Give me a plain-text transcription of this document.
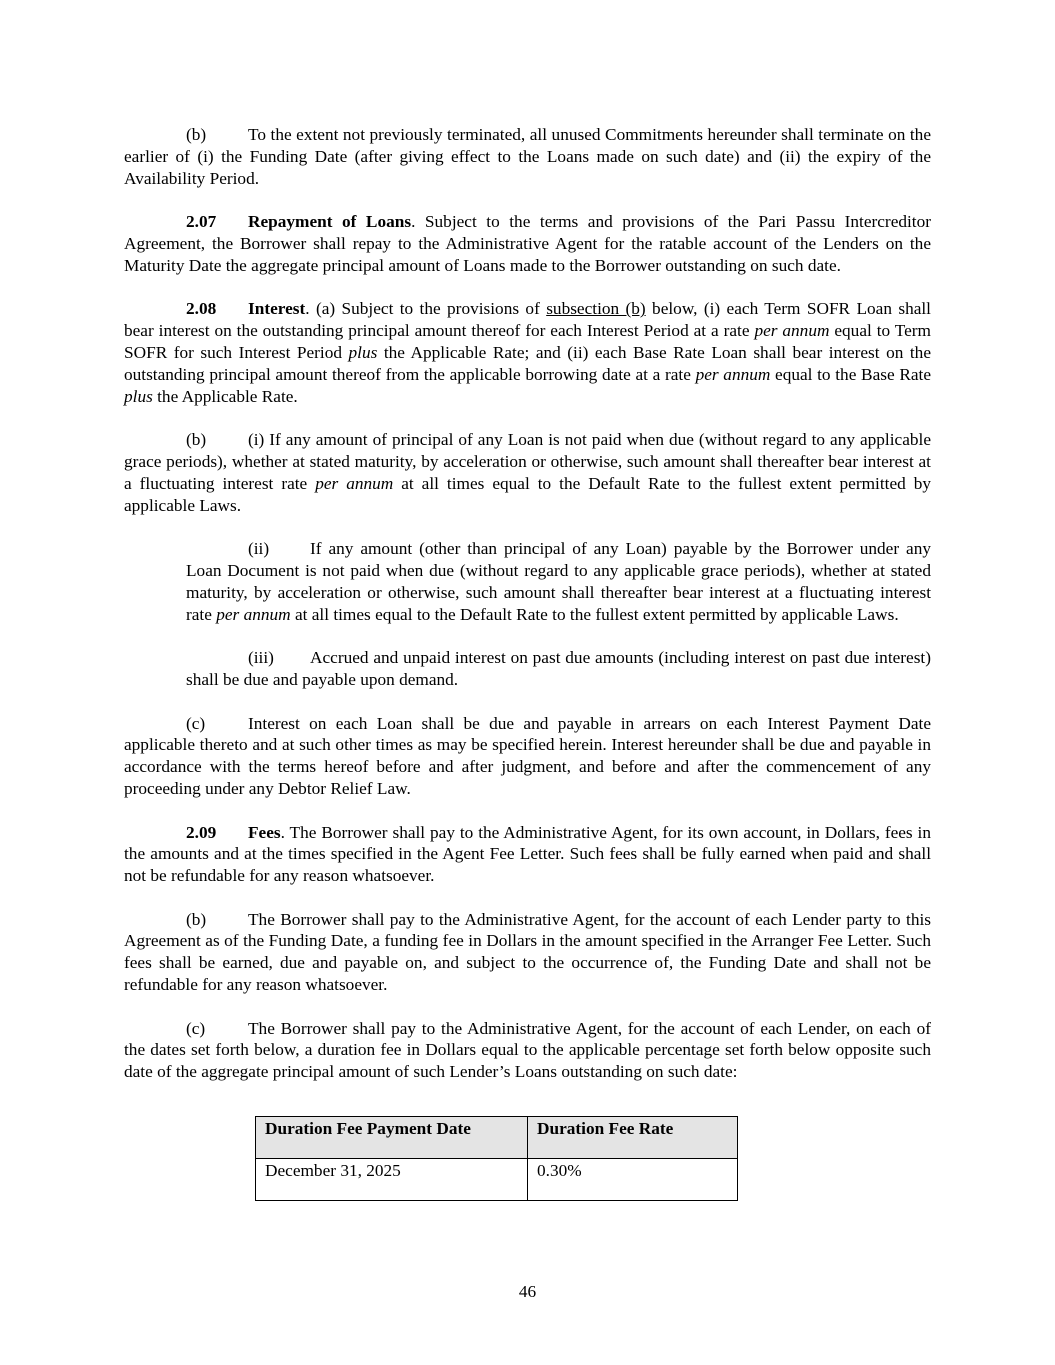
(b) To the extent not previously terminated, all unused Commitments hereunder shall terminate on the earlier of (i) the Funding Date (after giving effect to the Loans made on such date) and (ii) the expiry of the Availability Period.

2.07 Repayment of Loans. Subject to the terms and provisions of the Pari Passu Intercreditor Agreement, the Borrower shall repay to the Administrative Agent for the ratable account of the Lenders on the Maturity Date the aggregate principal amount of Loans made to the Borrower outstanding on such date.

2.08 Interest. (a) Subject to the provisions of subsection (b) below, (i) each Term SOFR Loan shall bear interest on the outstanding principal amount thereof for each Interest Period at a rate per annum equal to Term SOFR for such Interest Period plus the Applicable Rate; and (ii) each Base Rate Loan shall bear interest on the outstanding principal amount thereof from the applicable borrowing date at a rate per annum equal to the Base Rate plus the Applicable Rate.

(b) (i) If any amount of principal of any Loan is not paid when due (without regard to any applicable grace periods), whether at stated maturity, by acceleration or otherwise, such amount shall thereafter bear interest at a fluctuating interest rate per annum at all times equal to the Default Rate to the fullest extent permitted by applicable Laws.

(ii) If any amount (other than principal of any Loan) payable by the Borrower under any Loan Document is not paid when due (without regard to any applicable grace periods), whether at stated maturity, by acceleration or otherwise, such amount shall thereafter bear interest at a fluctuating interest rate per annum at all times equal to the Default Rate to the fullest extent permitted by applicable Laws.

(iii) Accrued and unpaid interest on past due amounts (including interest on past due interest) shall be due and payable upon demand.

(c) Interest on each Loan shall be due and payable in arrears on each Interest Payment Date applicable thereto and at such other times as may be specified herein. Interest hereunder shall be due and payable in accordance with the terms hereof before and after judgment, and before and after the commencement of any proceeding under any Debtor Relief Law.

2.09 Fees. The Borrower shall pay to the Administrative Agent, for its own account, in Dollars, fees in the amounts and at the times specified in the Agent Fee Letter. Such fees shall be fully earned when paid and shall not be refundable for any reason whatsoever.

(b) The Borrower shall pay to the Administrative Agent, for the account of each Lender party to this Agreement as of the Funding Date, a funding fee in Dollars in the amount specified in the Arranger Fee Letter. Such fees shall be earned, due and payable on, and subject to the occurrence of, the Funding Date and shall not be refundable for any reason whatsoever.

(c) The Borrower shall pay to the Administrative Agent, for the account of each Lender, on each of the dates set forth below, a duration fee in Dollars equal to the applicable percentage set forth below opposite such date of the aggregate principal amount of such Lender’s Loans outstanding on such date:

Duration Fee Payment Date	Duration Fee Rate
December 31, 2025	0.30%
46
